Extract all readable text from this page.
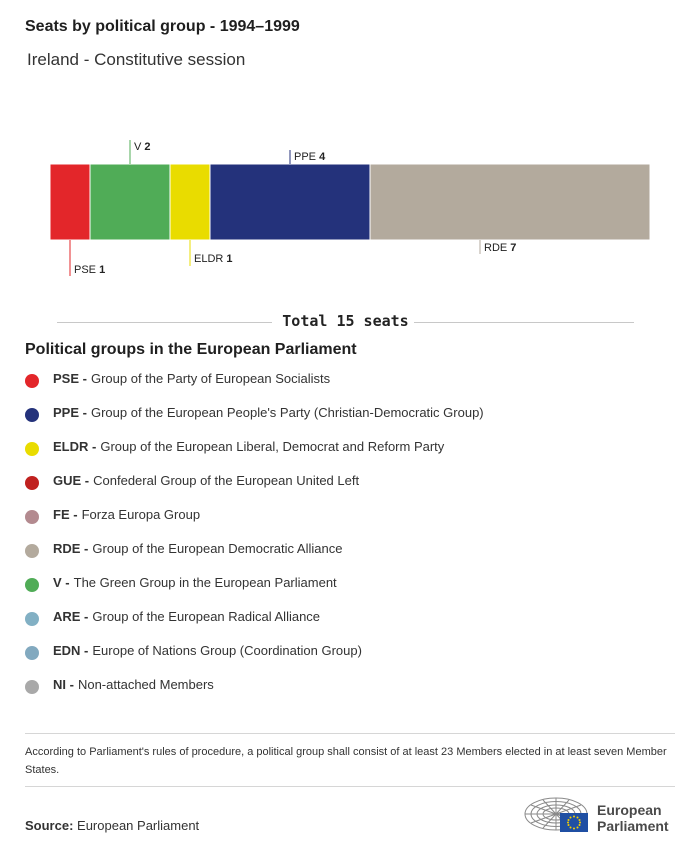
Seats by political group - 1994–1999
Ireland - Constitutive session
PSE 1
V 2
ELDR 1
PPE 4
RDE 7
Total 15 seats
Political groups in the European Parliament
PSE - Group of the Party of European Socialists
PPE - Group of the European People's Party (Christian-Democratic Group)
ELDR - Group of the European Liberal, Democrat and Reform Party
GUE - Confederal Group of the European United Left
FE - Forza Europa Group
RDE - Group of the European Democratic Alliance
V - The Green Group in the European Parliament
ARE - Group of the European Radical Alliance
EDN - Europe of Nations Group (Coordination Group)
NI - Non-attached Members
According to Parliament's rules of procedure, a political group shall consist of at least 23 Members elected in at least seven Member States.
Source: European Parliament
European
Parliament
